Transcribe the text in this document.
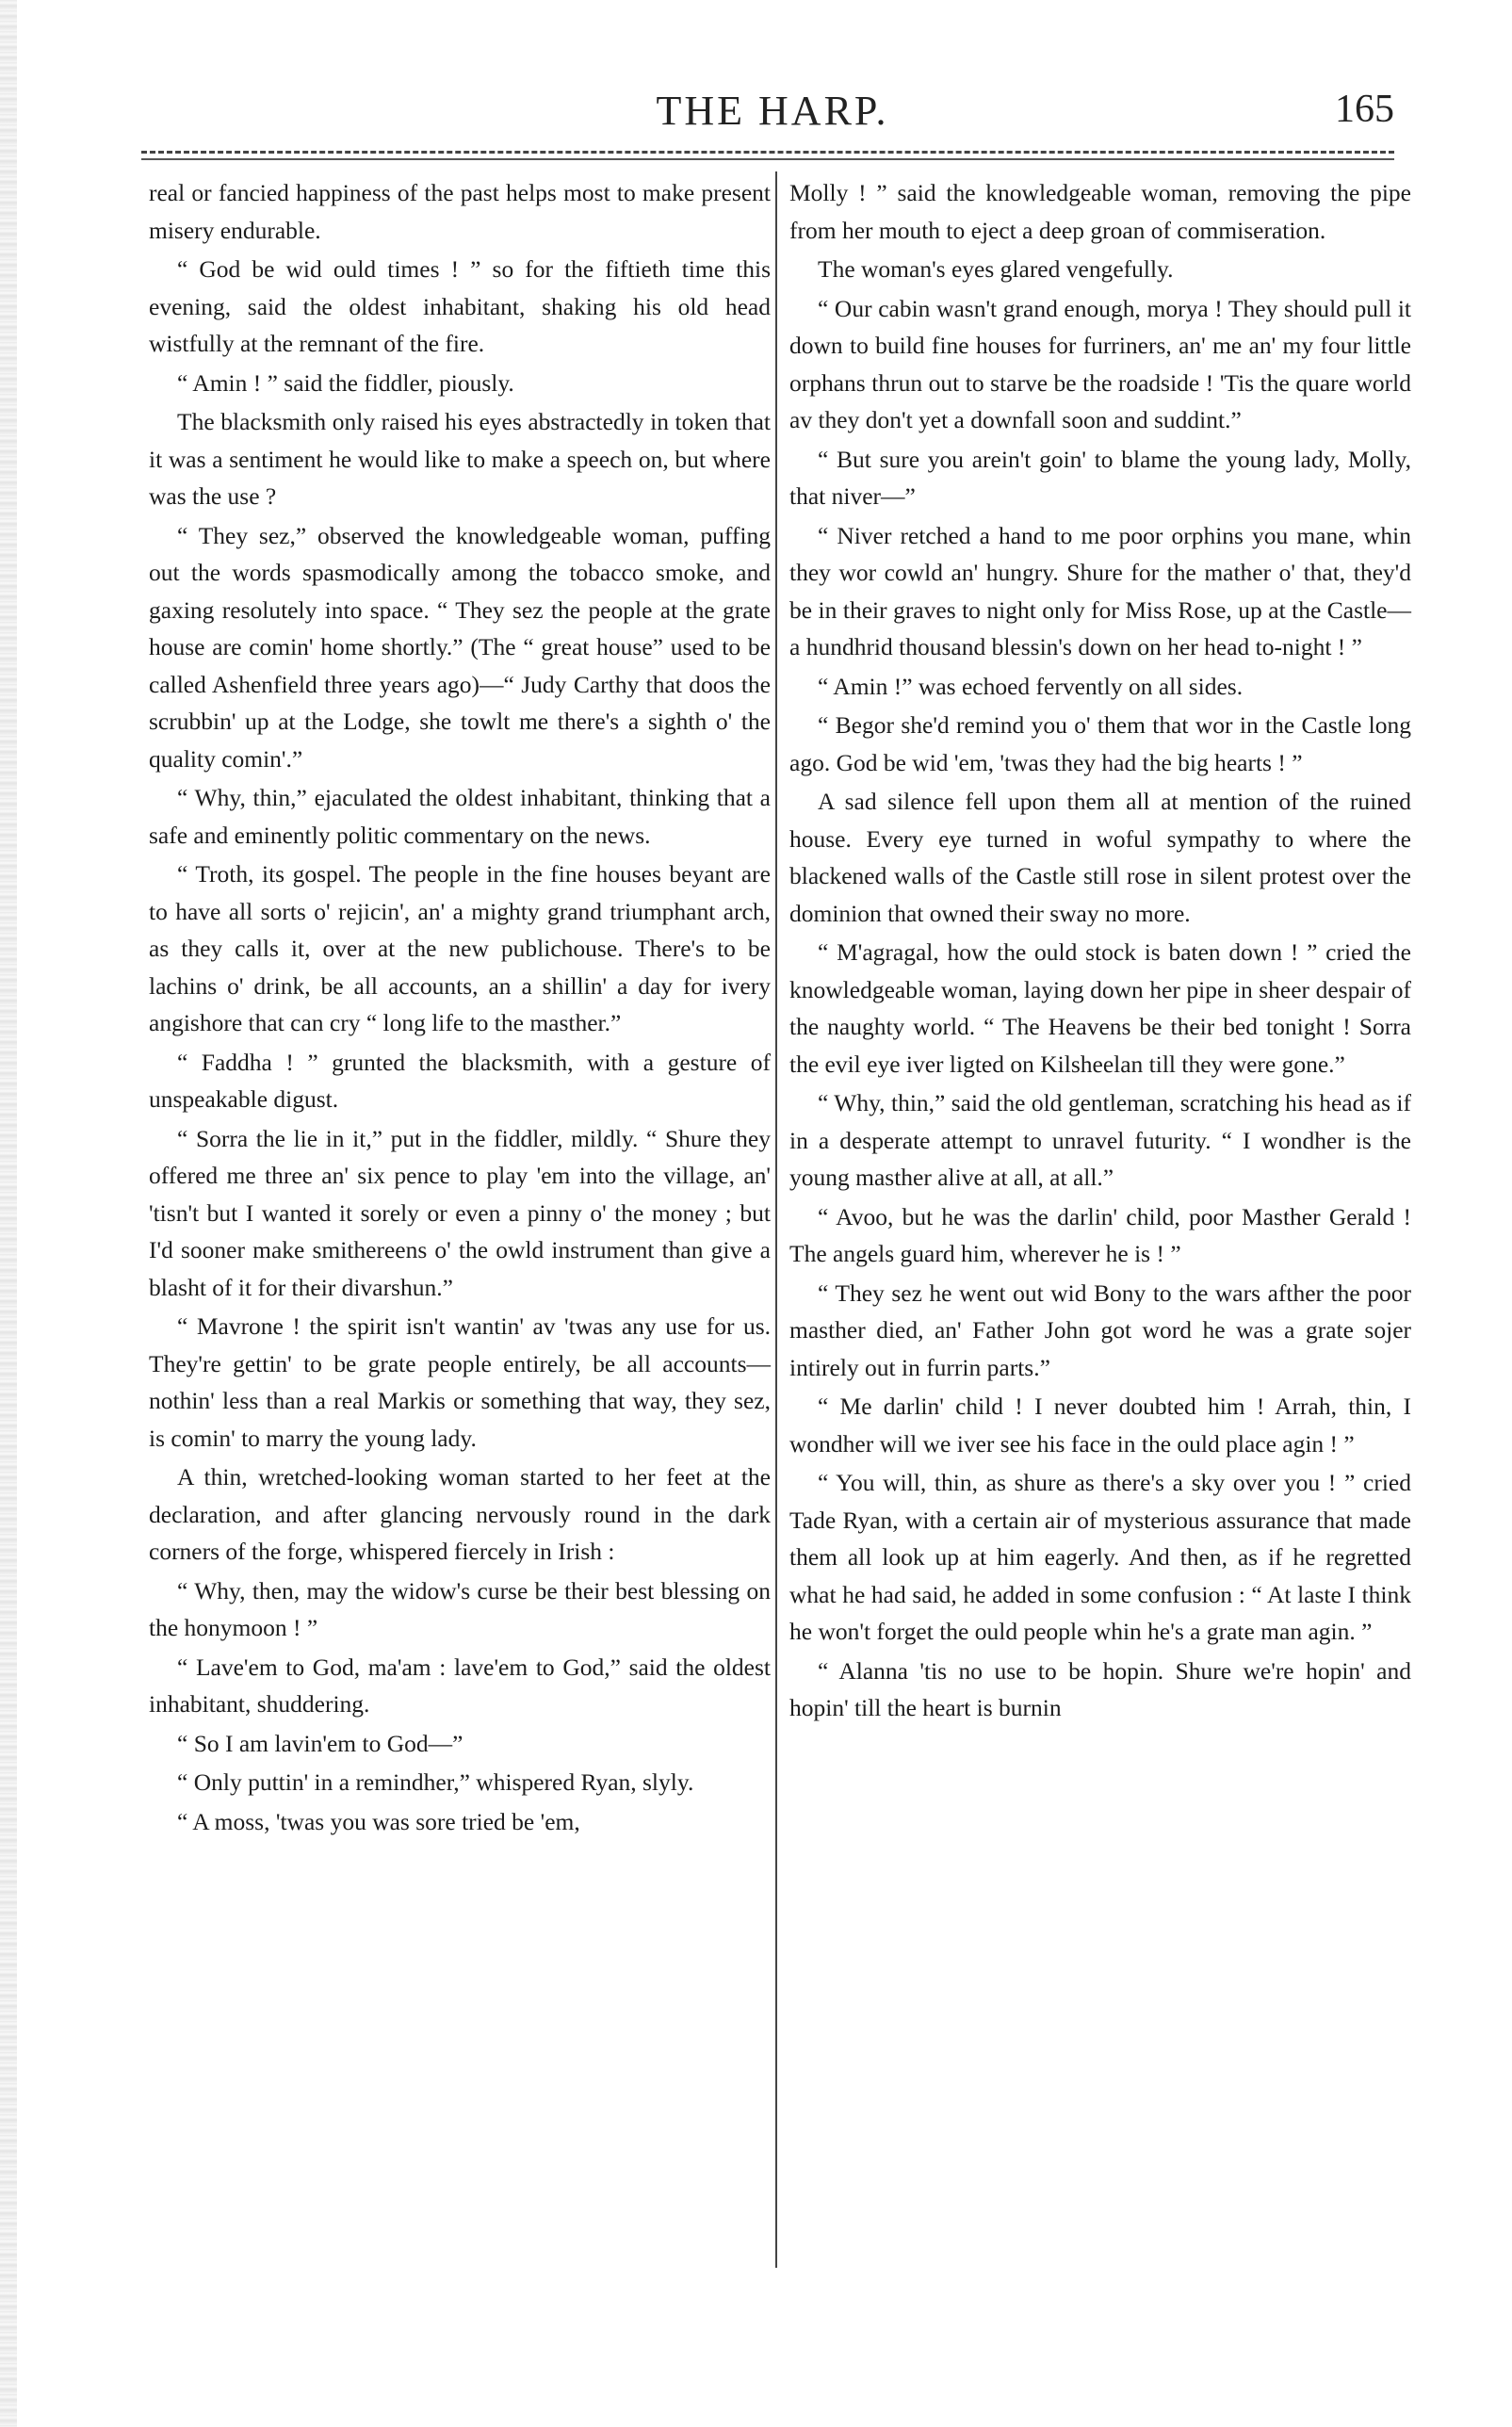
THE HARP.	165

real or fancied happiness of the past helps most to make present misery endurable.

“ God be wid ould times ! ” so for the fiftieth time this evening, said the oldest inhabitant, shaking his old head wistfully at the remnant of the fire.

“ Amin ! ” said the fiddler, piously.

The blacksmith only raised his eyes abstractedly in token that it was a sentiment he would like to make a speech on, but where was the use ?

“ They sez,” observed the knowledgeable woman, puffing out the words spasmodically among the tobacco smoke, and gaxing resolutely into space. “ They sez the people at the grate house are comin' home shortly.” (The “ great house” used to be called Ashenfield three years ago)—“ Judy Carthy that doos the scrubbin' up at the Lodge, she towlt me there's a sighth o' the quality comin'.”

“ Why, thin,” ejaculated the oldest inhabitant, thinking that a safe and eminently politic commentary on the news.

“ Troth, its gospel. The people in the fine houses beyant are to have all sorts o' rejicin', an' a mighty grand triumphant arch, as they calls it, over at the new publichouse. There's to be lachins o' drink, be all accounts, an a shillin' a day for ivery angishore that can cry “ long life to the masther.”

“ Faddha ! ” grunted the blacksmith, with a gesture of unspeakable digust.

“ Sorra the lie in it,” put in the fiddler, mildly. “ Shure they offered me three an' six pence to play 'em into the village, an' 'tisn't but I wanted it sorely or even a pinny o' the money ; but I'd sooner make smithereens o' the owld instrument than give a blasht of it for their divarshun.”

“ Mavrone ! the spirit isn't wantin' av 'twas any use for us. They're gettin' to be grate people entirely, be all accounts—nothin' less than a real Markis or something that way, they sez, is comin' to marry the young lady.

A thin, wretched-looking woman started to her feet at the declaration, and after glancing nervously round in the dark corners of the forge, whispered fiercely in Irish :

“ Why, then, may the widow's curse be their best blessing on the honymoon ! ”

“ Lave'em to God, ma'am : lave'em to God,” said the oldest inhabitant, shuddering.

“ So I am lavin'em to God—”

“ Only puttin' in a remindher,” whispered Ryan, slyly.

“ A moss, 'twas you was sore tried be 'em,

Molly ! ” said the knowledgeable woman, removing the pipe from her mouth to eject a deep groan of commiseration.

The woman's eyes glared vengefully.

“ Our cabin wasn't grand enough, morya ! They should pull it down to build fine houses for furriners, an' me an' my four little orphans thrun out to starve be the roadside ! 'Tis the quare world av they don't yet a downfall soon and suddint.”

“ But sure you arein't goin' to blame the young lady, Molly, that niver—”

“ Niver retched a hand to me poor orphins you mane, whin they wor cowld an' hungry. Shure for the mather o' that, they'd be in their graves to night only for Miss Rose, up at the Castle—a hundhrid thousand blessin's down on her head to-night ! ”

“ Amin !” was echoed fervently on all sides.

“ Begor she'd remind you o' them that wor in the Castle long ago. God be wid 'em, 'twas they had the big hearts ! ”

A sad silence fell upon them all at mention of the ruined house. Every eye turned in woful sympathy to where the blackened walls of the Castle still rose in silent protest over the dominion that owned their sway no more.

“ M'agragal, how the ould stock is baten down ! ” cried the knowledgeable woman, laying down her pipe in sheer despair of the naughty world. “ The Heavens be their bed tonight ! Sorra the evil eye iver ligted on Kilsheelan till they were gone.”

“ Why, thin,” said the old gentleman, scratching his head as if in a desperate attempt to unravel futurity. “ I wondher is the young masther alive at all, at all.”

“ Avoo, but he was the darlin' child, poor Masther Gerald ! The angels guard him, wherever he is ! ”

“ They sez he went out wid Bony to the wars afther the poor masther died, an' Father John got word he was a grate sojer intirely out in furrin parts.”

“ Me darlin' child ! I never doubted him ! Arrah, thin, I wondher will we iver see his face in the ould place agin ! ”

“ You will, thin, as shure as there's a sky over you ! ” cried Tade Ryan, with a certain air of mysterious assurance that made them all look up at him eagerly. And then, as if he regretted what he had said, he added in some confusion : “ At laste I think he won't forget the ould people whin he's a grate man agin. ”

“ Alanna 'tis no use to be hopin. Shure we're hopin' and hopin' till the heart is burnin
